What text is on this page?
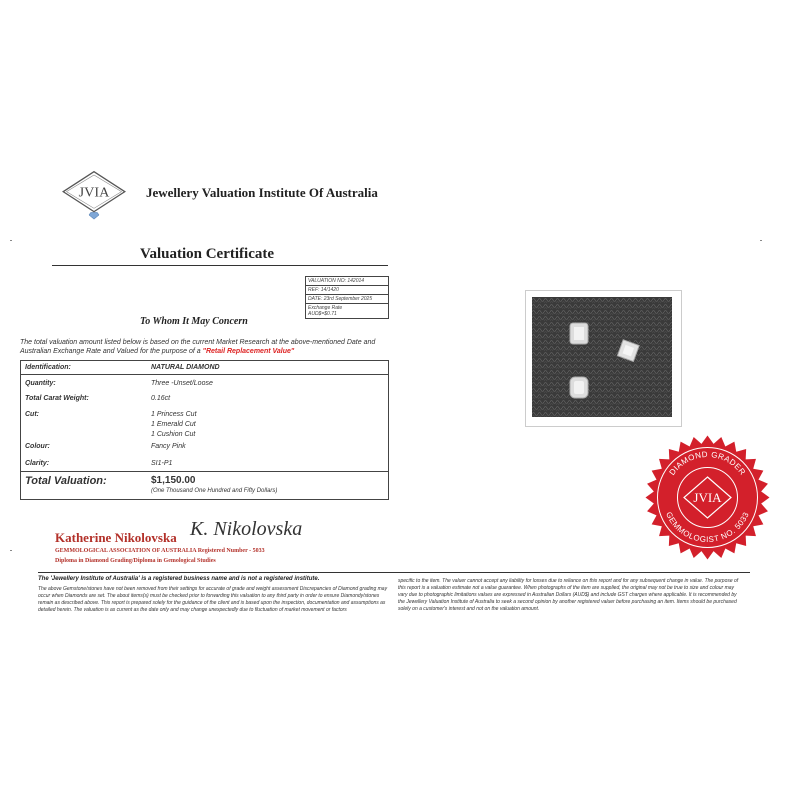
JVIA	Jewellery Valuation Institute Of Australia
Valuation Certificate
VALUATION NO: 142014
REF: 14/1420
DATE: 23rd September 2025
Exchange Rate
AUD$=$0.71
To Whom It May Concern
The total valuation amount listed below is based on the current Market Research at the above-mentioned Date and Australian Exchange Rate and Valued for the purpose of a "Retail Replacement Value"
Identification:	NATURAL DIAMOND
Quantity:	Three -Unset/Loose
Total Carat Weight:	0.16ct
Cut:	1 Princess Cut
1 Emerald Cut
1 Cushion Cut
Colour:	Fancy Pink
Clarity:	SI1-P1
Total Valuation:	$1,150.00
(One Thousand One Hundred and Fifty Dollars)
Katherine Nikolovska K. Nikolovska
GEMMOLOGICAL ASSOCIATION OF AUSTRALIA Registered Number - 5033
Diploma in Diamond Grading/Diploma in Gemological Studies
The 'Jewellery Institute of Australia' is a registered business name and is not a registered institute.
The above Gemstone/stones have not been removed from their settings for accurate of grade and weight assessment Discrepancies of Diamond grading may occur when Diamonds are set. The about items(s) must be checked prior to forwarding this valuation to any third party in order to ensure Diamondy/stones remain as described above. This report is prepared solely for the guidance of the client and is based upon the inspection, documentation and assumptions as detailed herein. The valuation is as current as the date only and may change unexpectedly due to fluctuation of market movement or factors
specific to the item. The valuer cannot accept any liability for losses due to reliance on this report and for any subsequent change in value. The purpose of this report is a valuation estimate not a value guarantee. When photographs of the item are supplied, the original may not be true to size and colour may vary due to photographic limitations values are expressed in Australian Dollars (AUD$) and include GST charges where applicable. It is recommended by the Jewellery Valuation Institute of Australia to seek a second opinion by another registered valuer before purchasing an item. Items should be purchased solely on a customer's interest and not on the valuation amount.
DIAMOND GRADER
GEMMOLOGIST NO. 5033
JVIA
